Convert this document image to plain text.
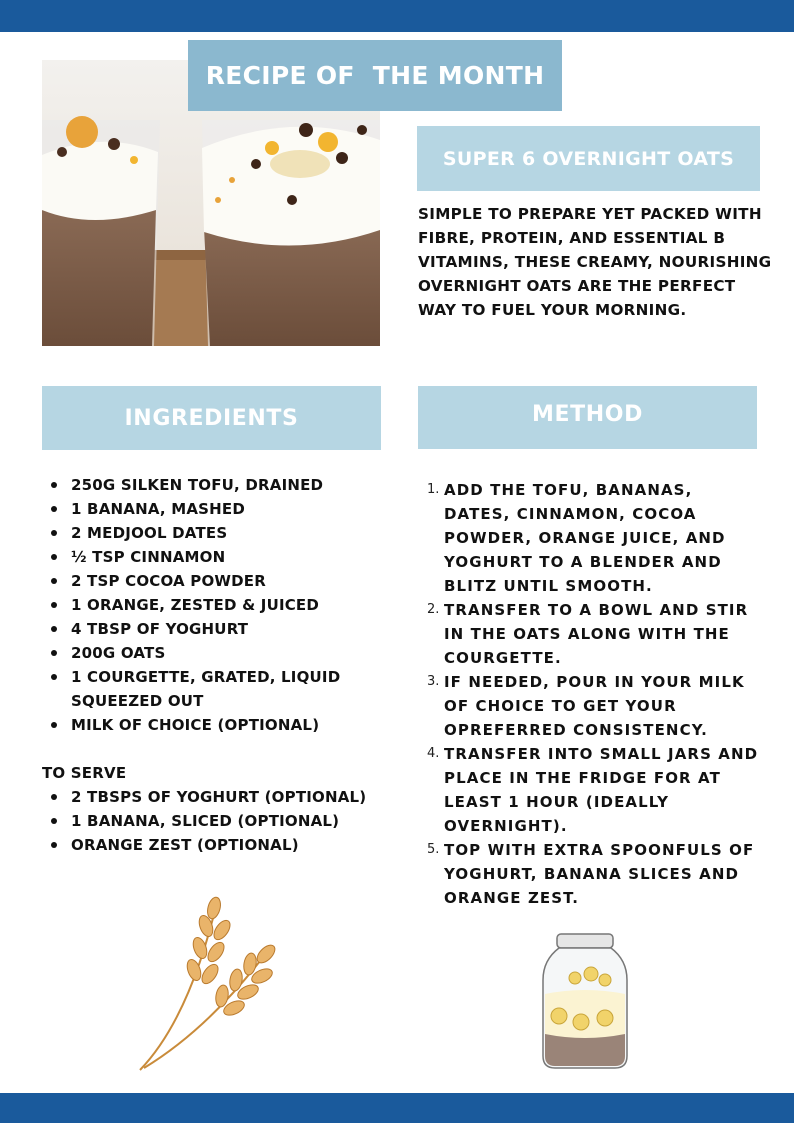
RECIPE OF  THE MONTH
SUPER 6 OVERNIGHT OATS
SIMPLE TO PREPARE YET PACKED WITH FIBRE, PROTEIN, AND ESSENTIAL B VITAMINS, THESE CREAMY, NOURISHING OVERNIGHT OATS ARE THE PERFECT WAY TO FUEL YOUR MORNING.
INGREDIENTS	METHOD
250G SILKEN TOFU, DRAINED
1 BANANA, MASHED
2 MEDJOOL DATES
½ TSP CINNAMON
2 TSP COCOA POWDER
1 ORANGE, ZESTED & JUICED
4 TBSP OF YOGHURT
200G OATS
1 COURGETTE, GRATED, LIQUID SQUEEZED OUT
MILK OF CHOICE (OPTIONAL)
TO SERVE
2 TBSPS OF YOGHURT (OPTIONAL)
1 BANANA, SLICED (OPTIONAL)
ORANGE ZEST (OPTIONAL)
1. ADD THE TOFU, BANANAS, DATES, CINNAMON, COCOA POWDER, ORANGE JUICE, AND YOGHURT TO A BLENDER AND BLITZ UNTIL SMOOTH.
2. TRANSFER TO A BOWL AND STIR IN THE OATS ALONG WITH THE COURGETTE.
3. IF NEEDED, POUR IN YOUR MILK OF CHOICE TO GET YOUR OPREFERRED CONSISTENCY.
4. TRANSFER INTO SMALL JARS AND PLACE IN THE FRIDGE FOR AT LEAST 1 HOUR (IDEALLY OVERNIGHT).
5. TOP WITH EXTRA SPOONFULS OF YOGHURT, BANANA SLICES AND ORANGE ZEST.
